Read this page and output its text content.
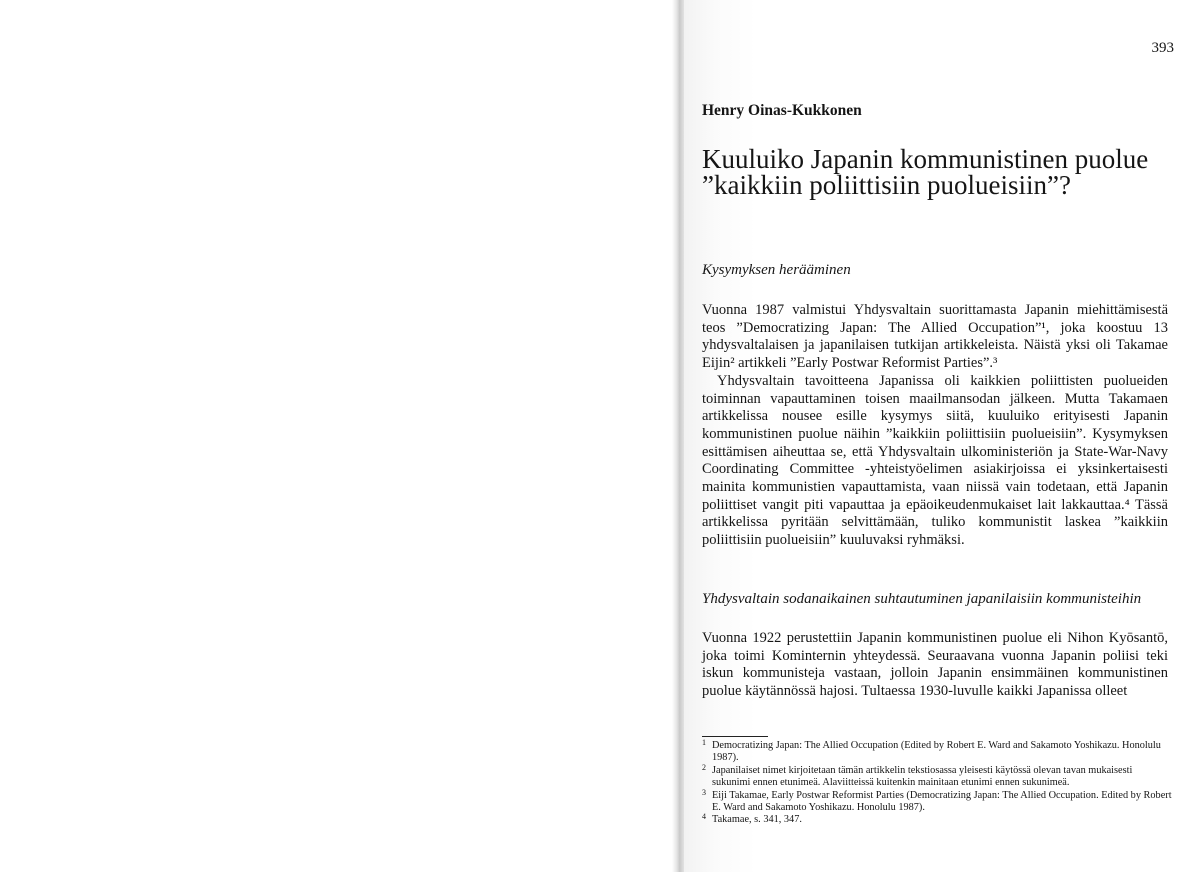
393
Henry Oinas-Kukkonen
Kuuluiko Japanin kommunistinen puolue
”kaikkiin poliittisiin puolueisiin”?
Kysymyksen herääminen

Vuonna 1987 valmistui Yhdysvaltain suorittamasta Japanin miehittämisestä teos ”Democratizing Japan: The Allied Occupation”¹, joka koostuu 13 yhdysvaltalaisen ja japanilaisen tutkijan artikkeleista. Näistä yksi oli Takamae Eijin² artikkeli ”Early Postwar Reformist Parties”.³

Yhdysvaltain tavoitteena Japanissa oli kaikkien poliittisten puolueiden toiminnan vapauttaminen toisen maailmansodan jälkeen. Mutta Takamaen artikkelissa nousee esille kysymys siitä, kuuluiko erityisesti Japanin kommunistinen puolue näihin ”kaikkiin poliittisiin puolueisiin”. Kysymyksen esittämisen aiheuttaa se, että Yhdysvaltain ulkoministeriön ja State-War-Navy Coordinating Committee -yhteistyöelimen asiakirjoissa ei yksinkertaisesti mainita kommunistien vapauttamista, vaan niissä vain todetaan, että Japanin poliittiset vangit piti vapauttaa ja epäoikeudenmukaiset lait lakkauttaa.⁴ Tässä artikkelissa pyritään selvittämään, tuliko kommunistit laskea ”kaikkiin poliittisiin puolueisiin” kuuluvaksi ryhmäksi.

Yhdysvaltain sodanaikainen suhtautuminen japanilaisiin kommunisteihin

Vuonna 1922 perustettiin Japanin kommunistinen puolue eli Nihon Kyōsantō, joka toimi Kominternin yhteydessä. Seuraavana vuonna Japanin poliisi teki iskun kommunisteja vastaan, jolloin Japanin ensimmäinen kommunistinen puolue käytännössä hajosi. Tultaessa 1930-luvulle kaikki Japanissa olleet

1 Democratizing Japan: The Allied Occupation (Edited by Robert E. Ward and Sakamoto Yoshikazu. Honolulu 1987).
2 Japanilaiset nimet kirjoitetaan tämän artikkelin tekstiosassa yleisesti käytössä olevan tavan mukaisesti sukunimi ennen etunimeä. Alaviitteissä kuitenkin mainitaan etunimi ennen sukunimeä.
3 Eiji Takamae, Early Postwar Reformist Parties (Democratizing Japan: The Allied Occupation. Edited by Robert E. Ward and Sakamoto Yoshikazu. Honolulu 1987).
4 Takamae, s. 341, 347.
